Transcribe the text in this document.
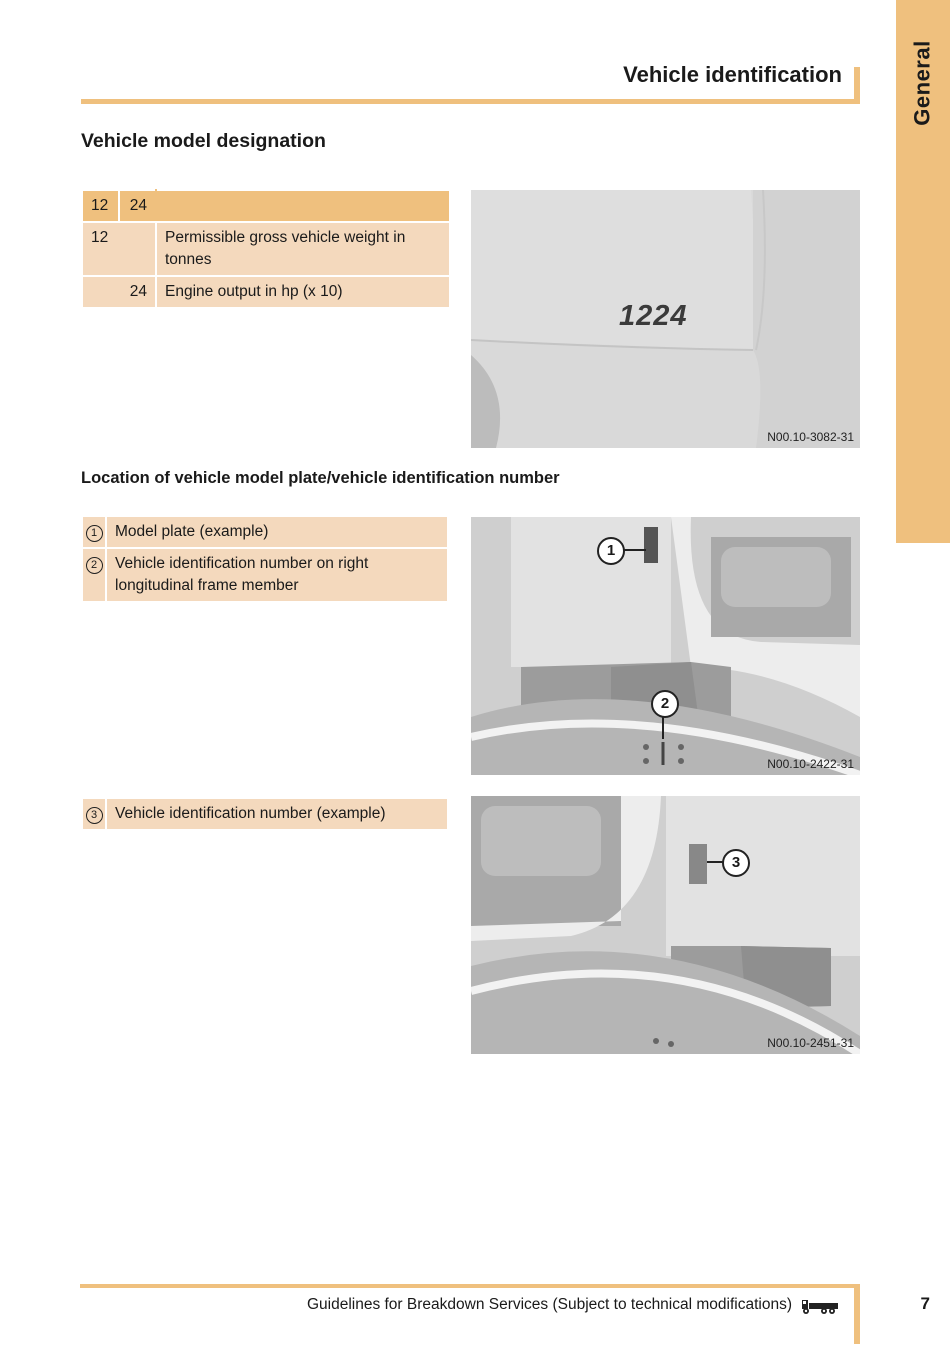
General
Vehicle identification
Vehicle model designation
12	24	
12		Permissible gross vehicle weight in tonnes
	24	Engine output in hp (x 10)
1224
N00.10-3082-31
Location of vehicle model plate/vehicle identification number
1	Model plate (example)
2	Vehicle identification number on right longitudinal frame member
1
2
N00.10-2422-31
3	Vehicle identification number (example)
3
N00.10-2451-31
Guidelines for Breakdown Services (Subject to technical modifications)	7
